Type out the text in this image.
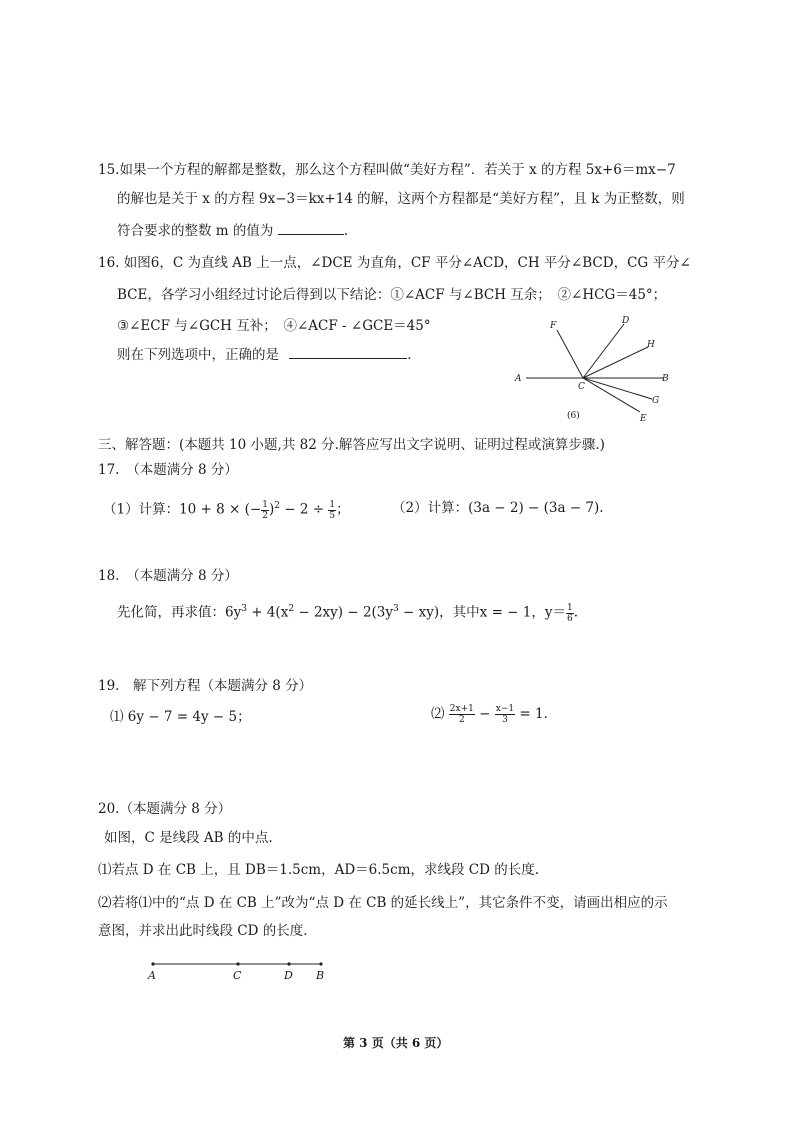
15.如果一个方程的解都是整数，那么这个方程叫做“美好方程”．若关于 x 的方程 5x+6＝mx−7
的解也是关于 x 的方程 9x−3＝kx+14 的解，这两个方程都是“美好方程”，且 k 为正整数，则
符合要求的整数 m 的值为	.
16. 如图6，C 为直线 AB 上一点，∠DCE 为直角，CF 平分∠ACD，CH 平分∠BCD，CG 平分∠
BCE，各学习小组经过讨论后得到以下结论：①∠ACF 与∠BCH 互余；　②∠HCG＝45°；
③∠ECF 与∠GCH 互补；　④∠ACF - ∠GCE＝45°
则在下列选项中，正确的是	.
F	D
H
A
C
B
G
E
(6)
三、解答题：(本题共 10 小题,共 82 分.解答应写出文字说明、证明过程或演算步骤.)
17.　（本题满分 8 分）
（1）计算：10 + 8 × (− $\frac{1}{2} )^2 - 2 \div \frac{1}{5}$ ；	（2）计算：(3a − 2) − (3a − 7).
18.　（本题满分 8 分）
先化简，再求值：$6y^3 + 4(x^2 - 2xy) - 2(3y^3 - xy)$，其中x = − 1，$y= \frac{1}{6}$ .
19.　解下列方程（本题满分 8 分）
⑴ 6y − 7 = 4y − 5；	⑵ $\frac{2x+1}{2} - \frac{x-1}{3} = 1$.
20.（本题满分 8 分）
如图，C 是线段 AB 的中点.
⑴若点 D 在 CB 上，且 DB＝1.5cm，AD＝6.5cm，求线段 CD 的长度.
⑵若将⑴中的“点 D 在 CB 上”改为“点 D 在 CB 的延长线上”，其它条件不变，请画出相应的示
意图，并求出此时线段 CD 的长度.
A	C	D B
第 3 页（共 6 页）
